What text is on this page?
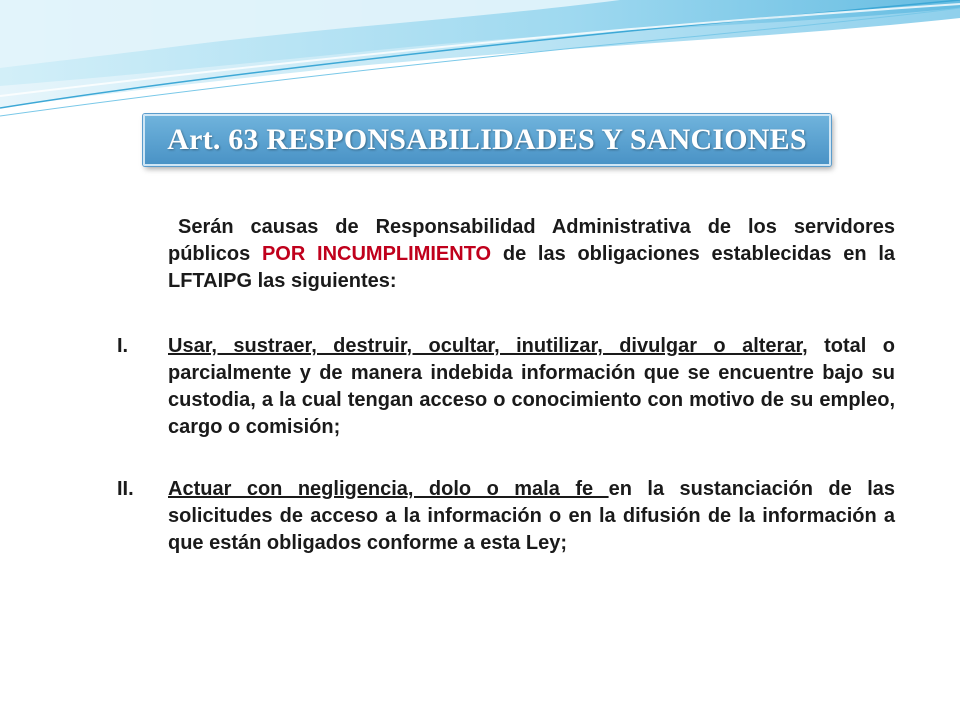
Art. 63 RESPONSABILIDADES Y SANCIONES

Serán causas de Responsabilidad Administrativa de los servidores públicos POR INCUMPLIMIENTO de las obligaciones establecidas en la LFTAIPG las siguientes:

I. Usar, sustraer, destruir, ocultar, inutilizar, divulgar o alterar, total o parcialmente y de manera indebida información que se encuentre bajo su custodia, a la cual tengan acceso o conocimiento con motivo de su empleo, cargo o comisión;

II. Actuar con negligencia, dolo o mala fe en la sustanciación de las solicitudes de acceso a la información o en la difusión de la información a que están obligados conforme a esta Ley;
